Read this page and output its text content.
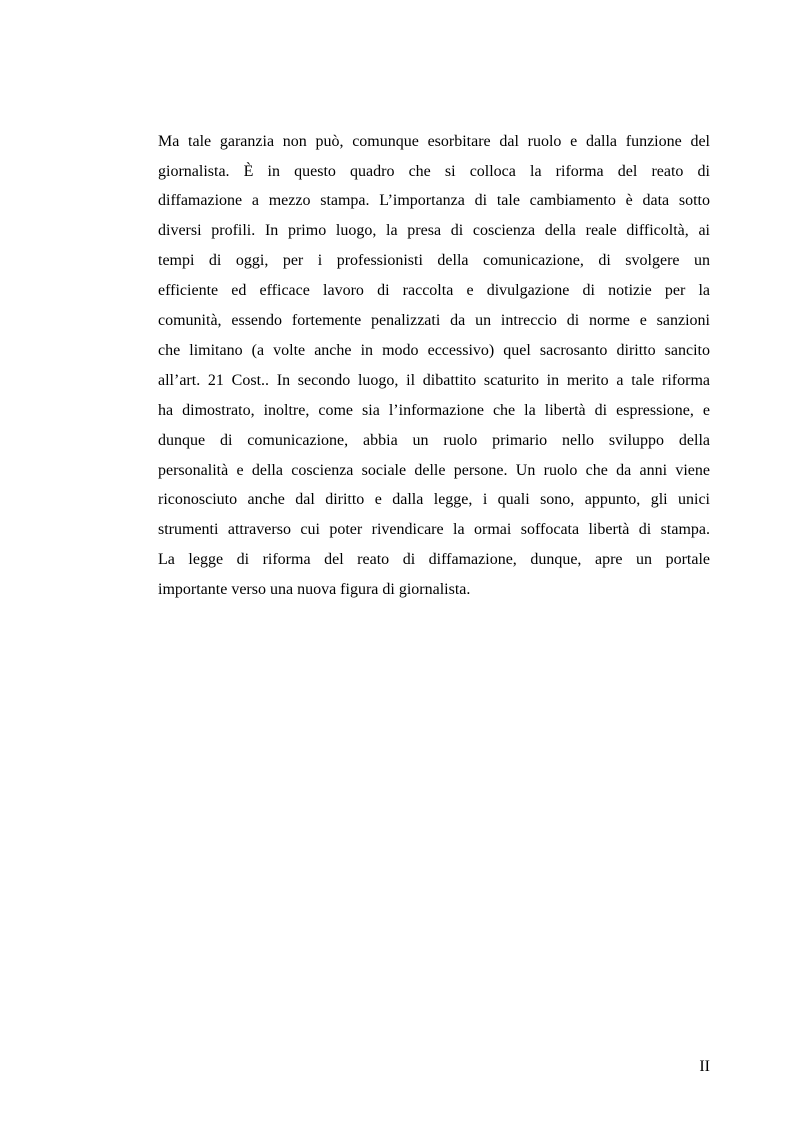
Ma tale garanzia non può, comunque esorbitare dal ruolo e dalla funzione del
giornalista. È in questo quadro che si colloca la riforma del reato di
diffamazione a mezzo stampa. L’importanza di tale cambiamento è data sotto
diversi profili. In primo luogo, la presa di coscienza della reale difficoltà, ai
tempi di oggi, per i professionisti della comunicazione, di svolgere un
efficiente ed efficace lavoro di raccolta e divulgazione di notizie per la
comunità, essendo fortemente penalizzati da un intreccio di norme e sanzioni
che limitano (a volte anche in modo eccessivo) quel sacrosanto diritto sancito
all’art. 21 Cost.. In secondo luogo, il dibattito scaturito in merito a tale riforma
ha dimostrato, inoltre, come sia l’informazione che la libertà di espressione, e
dunque di comunicazione, abbia un ruolo primario nello sviluppo della
personalità e della coscienza sociale delle persone. Un ruolo che da anni viene
riconosciuto anche dal diritto e dalla legge, i quali sono, appunto, gli unici
strumenti attraverso cui poter rivendicare la ormai soffocata libertà di stampa.
La legge di riforma del reato di diffamazione, dunque, apre un portale
importante verso una nuova figura di giornalista.
II
